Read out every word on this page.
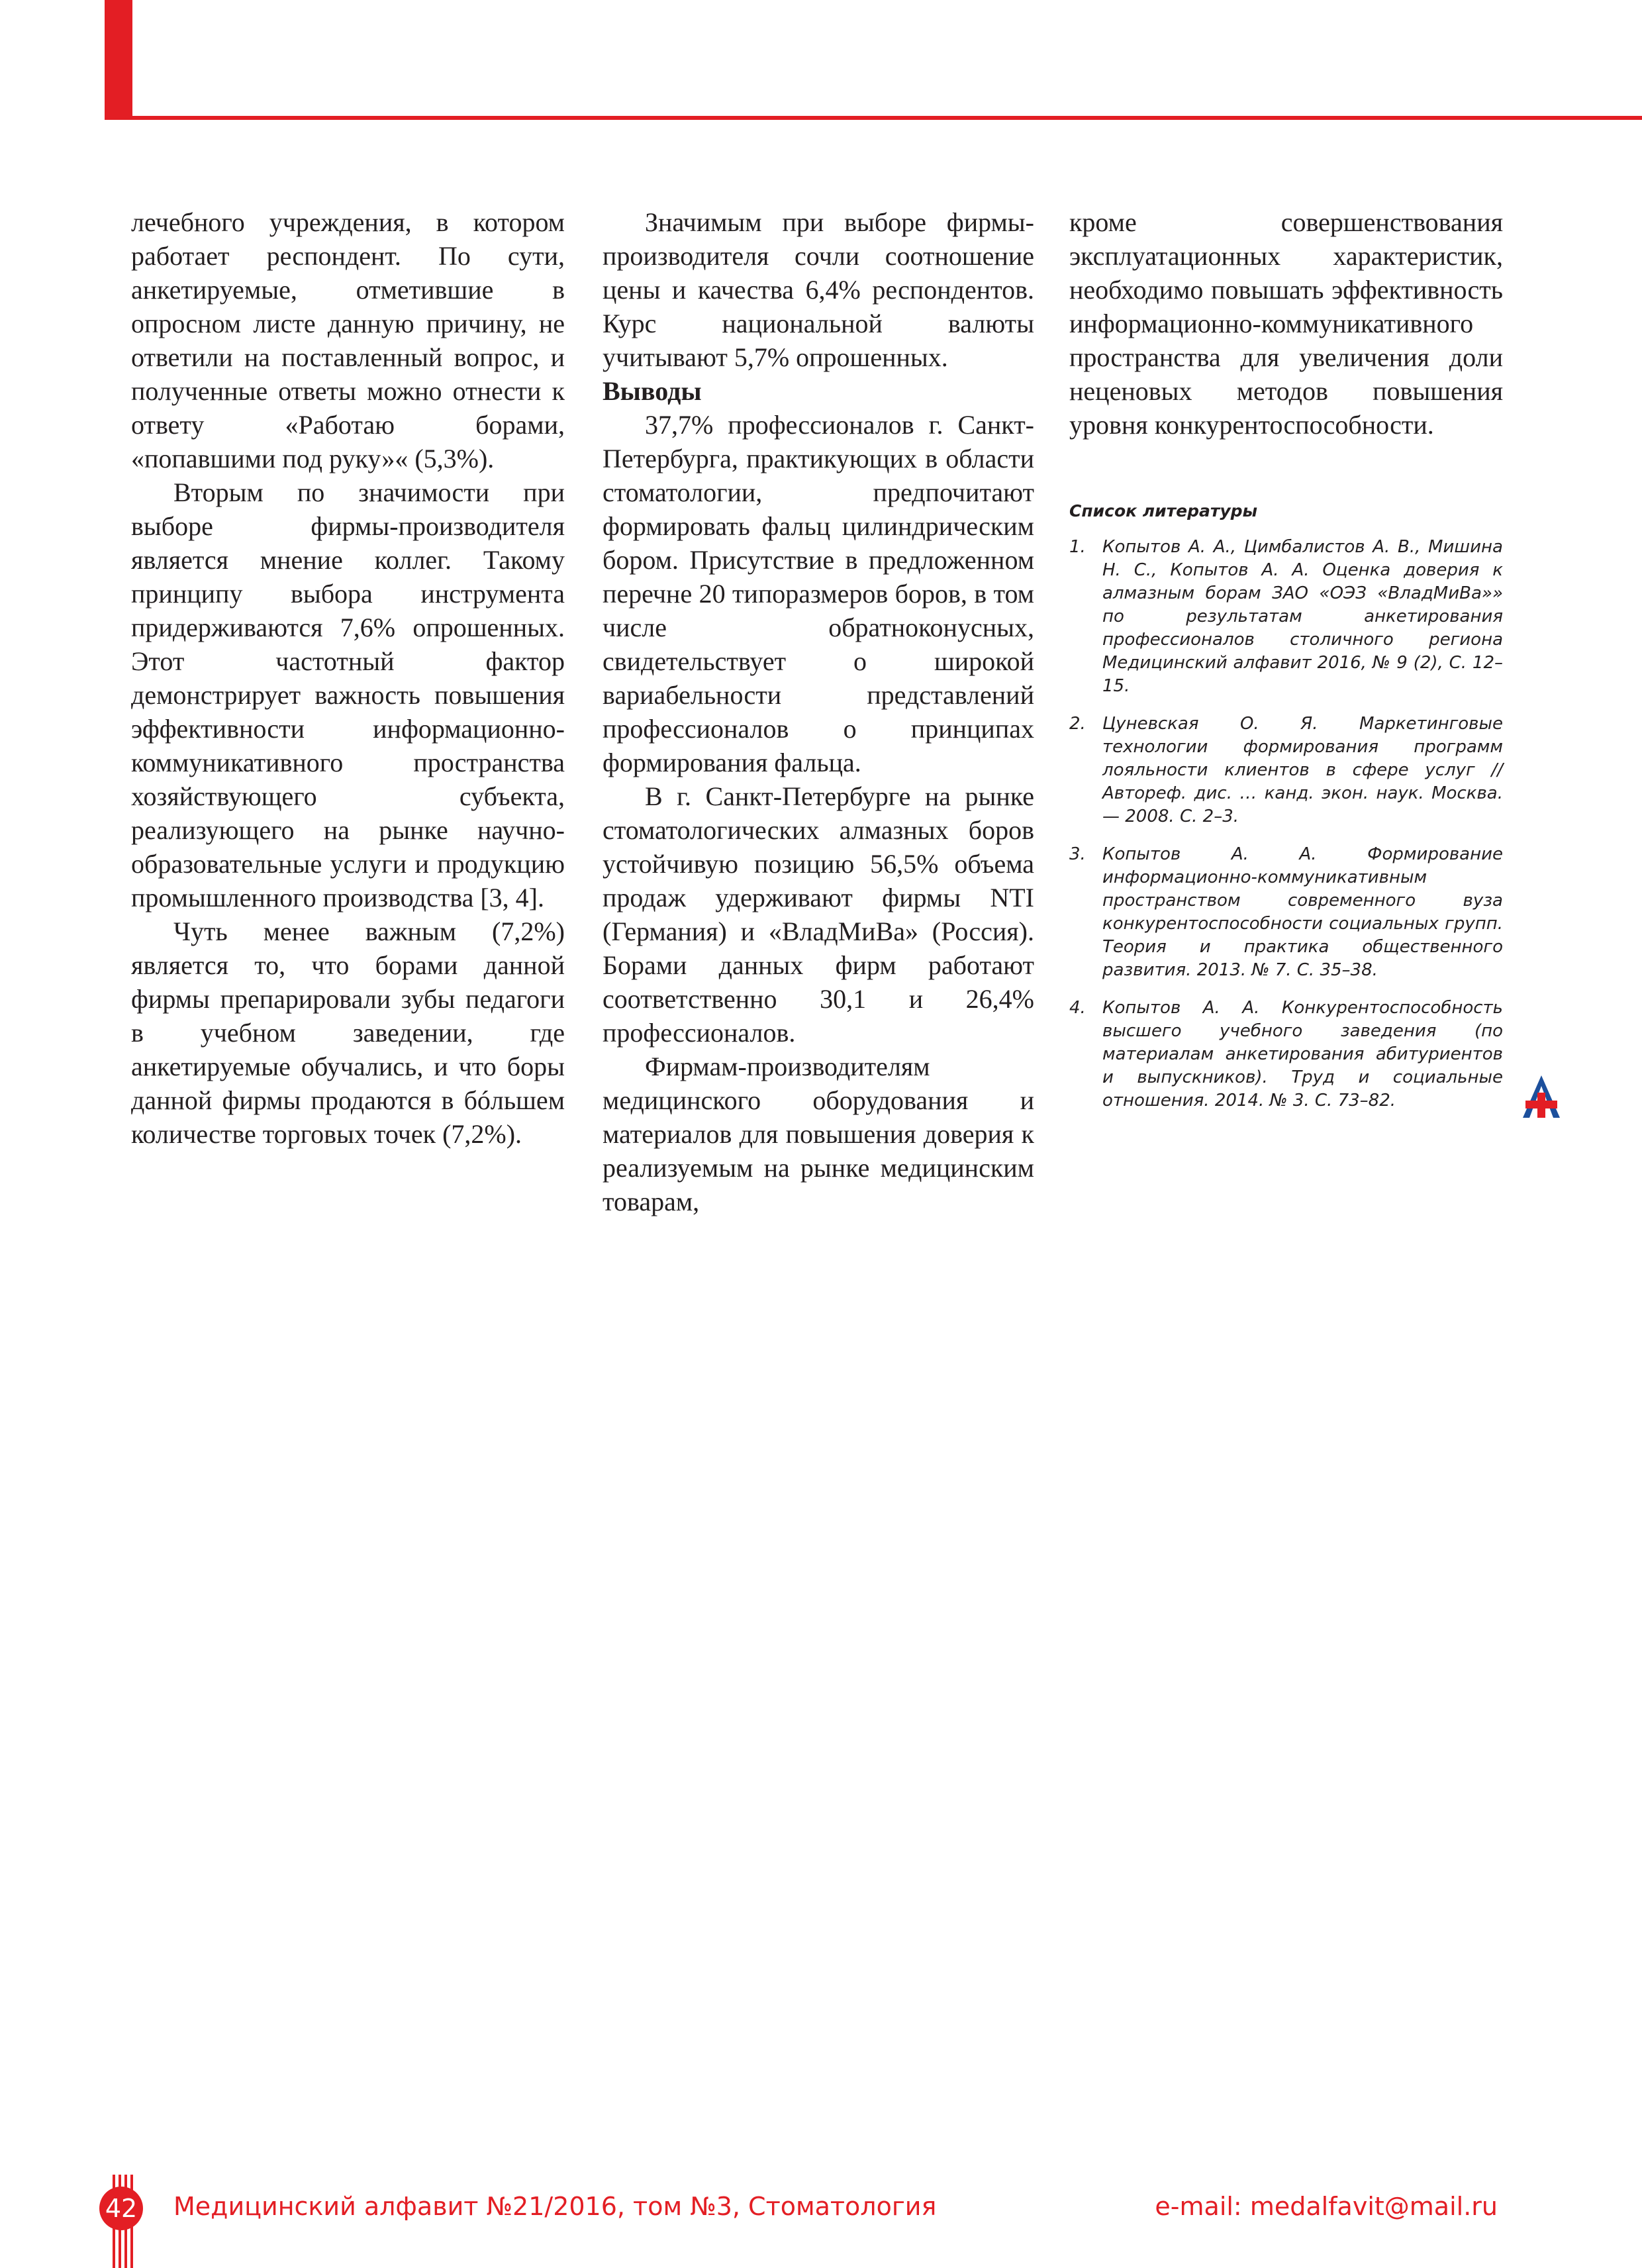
лечебного учреждения, в котором работает респондент. По сути, анкетируемые, отметившие в опросном листе данную причину, не ответили на поставленный вопрос, и полученные ответы можно отнести к ответу «Работаю борами, «попавшими под руку»« (5,3%).

Вторым по значимости при выборе фирмы-производителя является мнение коллег. Такому принципу выбора инструмента придерживаются 7,6% опрошенных. Этот частотный фактор демонстрирует важность повышения эффективности информационно-коммуникативного пространства хозяйствующего субъекта, реализующего на рынке научно-образовательные услуги и продукцию промышленного производства [3, 4].

Чуть менее важным (7,2%) является то, что борами данной фирмы препарировали зубы педагоги в учебном заведении, где анкетируемые обучались, и что боры данной фирмы продаются в бóльшем количестве торговых точек (7,2%).

Значимым при выборе фирмы-производителя сочли соотношение цены и качества 6,4% респондентов. Курс национальной валюты учитывают 5,7% опрошенных.

Выводы

37,7% профессионалов г. Санкт-Петербурга, практикующих в области стоматологии, предпочитают формировать фальц цилиндрическим бором. Присутствие в предложенном перечне 20 типоразмеров боров, в том числе обратноконусных, свидетельствует о широкой вариабельности представлений профессионалов о принципах формирования фальца.

В г. Санкт-Петербурге на рынке стоматологических алмазных боров устойчивую позицию 56,5% объема продаж удерживают фирмы NTI (Германия) и «ВладМиВа» (Россия). Борами данных фирм работают соответственно 30,1 и 26,4% профессионалов.

Фирмам-производителям медицинского оборудования и материалов для повышения доверия к реализуемым на рынке медицинским товарам,

кроме совершенствования эксплуатационных характеристик, необходимо повышать эффективность информационно-коммуникативного пространства для увеличения доли неценовых методов повышения уровня конкурентоспособности.

Список литературы
1. Копытов А. А., Цимбалистов А. В., Мишина Н. С., Копытов А. А. Оценка доверия к алмазным борам ЗАО «ОЭЗ «ВладМиВа»» по результатам анкетирования профессионалов столичного региона Медицинский алфавит 2016, № 9 (2), С. 12–15.
2. Цуневская О. Я. Маркетинговые технологии формирования программ лояльности клиентов в сфере услуг // Автореф. дис. … канд. экон. наук. Москва. — 2008. С. 2–3.
3. Копытов А. А. Формирование информационно-коммуникативным пространством современного вуза конкурентоспособности социальных групп. Теория и практика общественного развития. 2013. № 7. С. 35–38.
4. Копытов А. А. Конкурентоспособность высшего учебного заведения (по материалам анкетирования абитуриентов и выпускников). Труд и социальные отношения. 2014. № 3. С. 73–82.
42 Медицинский алфавит №21/2016, том №3, Стоматология	e-mail: medalfavit@mail.ru
